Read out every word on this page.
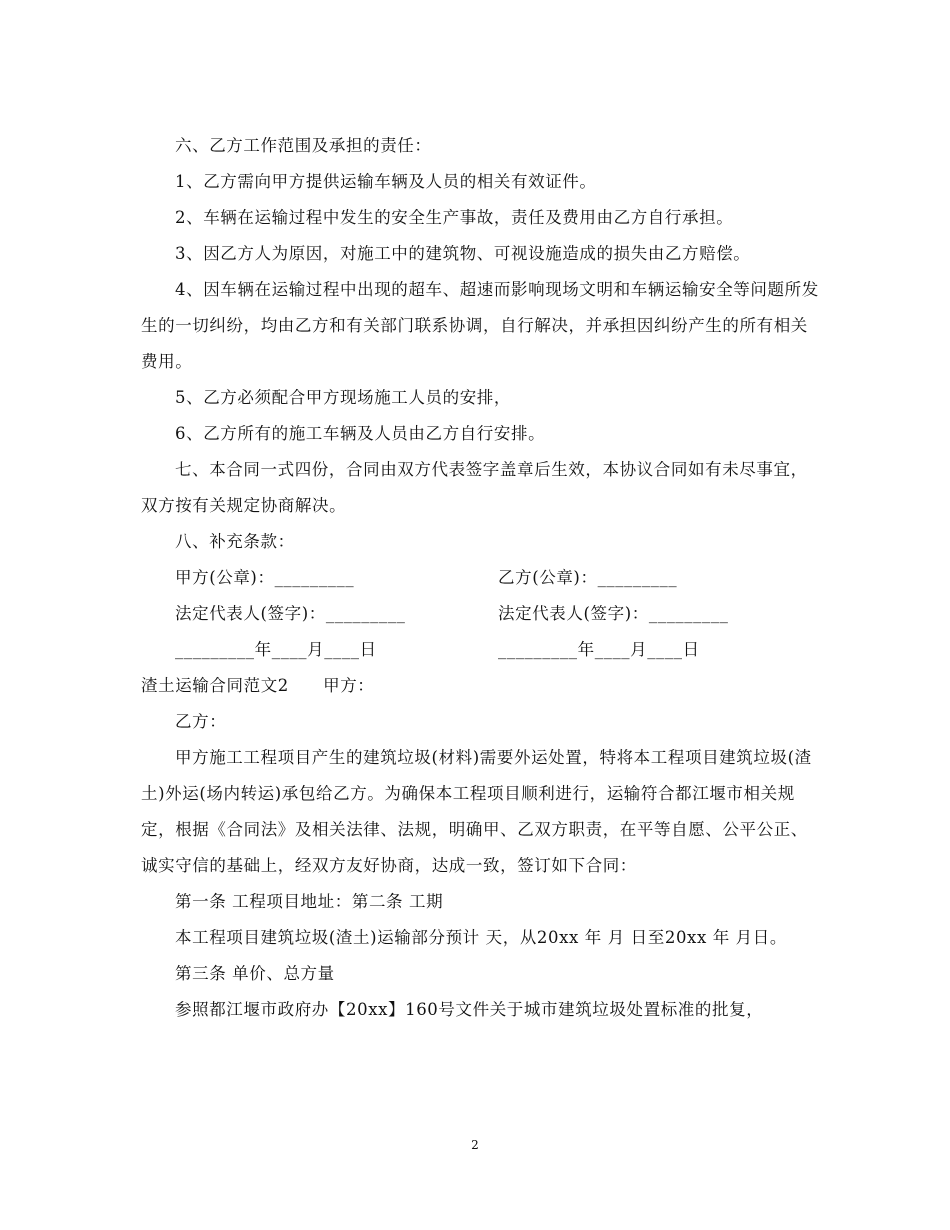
六、乙方工作范围及承担的责任：

1、乙方需向甲方提供运输车辆及人员的相关有效证件。

2、车辆在运输过程中发生的安全生产事故，责任及费用由乙方自行承担。

3、因乙方人为原因，对施工中的建筑物、可视设施造成的损失由乙方赔偿。

4、因车辆在运输过程中出现的超车、超速而影响现场文明和车辆运输安全等问题所发生的一切纠纷，均由乙方和有关部门联系协调，自行解决，并承担因纠纷产生的所有相关费用。

5、乙方必须配合甲方现场施工人员的安排，

6、乙方所有的施工车辆及人员由乙方自行安排。

七、本合同一式四份，合同由双方代表签字盖章后生效，本协议合同如有未尽事宜，双方按有关规定协商解决。

八、补充条款：

甲方(公章)：_________	乙方(公章)：_________
法定代表人(签字)：_________	法定代表人(签字)：_________
_________年____月____日	_________年____月____日

渣土运输合同范文2　　甲方：

乙方：

甲方施工工程项目产生的建筑垃圾(材料)需要外运处置，特将本工程项目建筑垃圾(渣土)外运(场内转运)承包给乙方。为确保本工程项目顺利进行，运输符合都江堰市相关规定，根据《合同法》及相关法律、法规，明确甲、乙双方职责，在平等自愿、公平公正、诚实守信的基础上，经双方友好协商，达成一致，签订如下合同：

第一条 工程项目地址：第二条 工期

本工程项目建筑垃圾(渣土)运输部分预计 天，从20xx 年 月 日至20xx 年 月日。

第三条 单价、总方量

参照都江堰市政府办【20xx】160号文件关于城市建筑垃圾处置标准的批复，

2
